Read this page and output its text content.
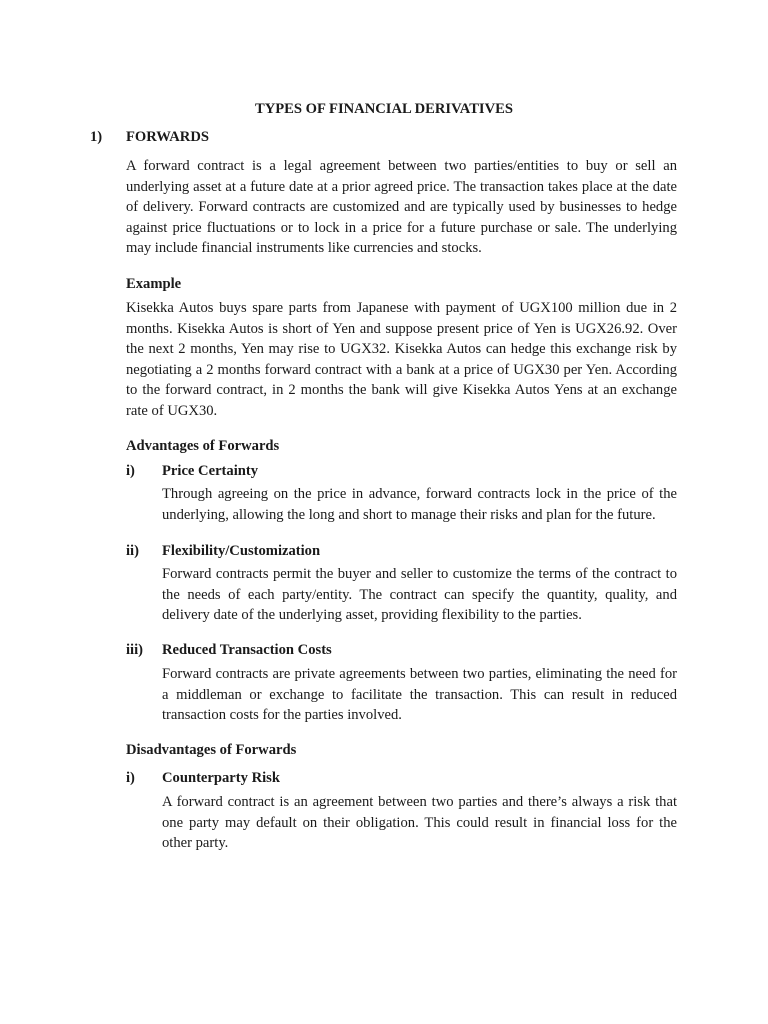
TYPES OF FINANCIAL DERIVATIVES
1) FORWARDS

A forward contract is a legal agreement between two parties/entities to buy or sell an underlying asset at a future date at a prior agreed price. The transaction takes place at the date of delivery. Forward contracts are customized and are typically used by businesses to hedge against price fluctuations or to lock in a price for a future purchase or sale. The underlying may include financial instruments like currencies and stocks.

Example

Kisekka Autos buys spare parts from Japanese with payment of UGX100 million due in 2 months. Kisekka Autos is short of Yen and suppose present price of Yen is UGX26.92. Over the next 2 months, Yen may rise to UGX32. Kisekka Autos can hedge this exchange risk by negotiating a 2 months forward contract with a bank at a price of UGX30 per Yen. According to the forward contract, in 2 months the bank will give Kisekka Autos Yens at an exchange rate of UGX30.

Advantages of Forwards
i) Price Certainty

Through agreeing on the price in advance, forward contracts lock in the price of the underlying, allowing the long and short to manage their risks and plan for the future.

ii) Flexibility/Customization

Forward contracts permit the buyer and seller to customize the terms of the contract to the needs of each party/entity. The contract can specify the quantity, quality, and delivery date of the underlying asset, providing flexibility to the parties.

iii) Reduced Transaction Costs

Forward contracts are private agreements between two parties, eliminating the need for a middleman or exchange to facilitate the transaction. This can result in reduced transaction costs for the parties involved.

Disadvantages of Forwards
i) Counterparty Risk

A forward contract is an agreement between two parties and there’s always a risk that one party may default on their obligation. This could result in financial loss for the other party.
